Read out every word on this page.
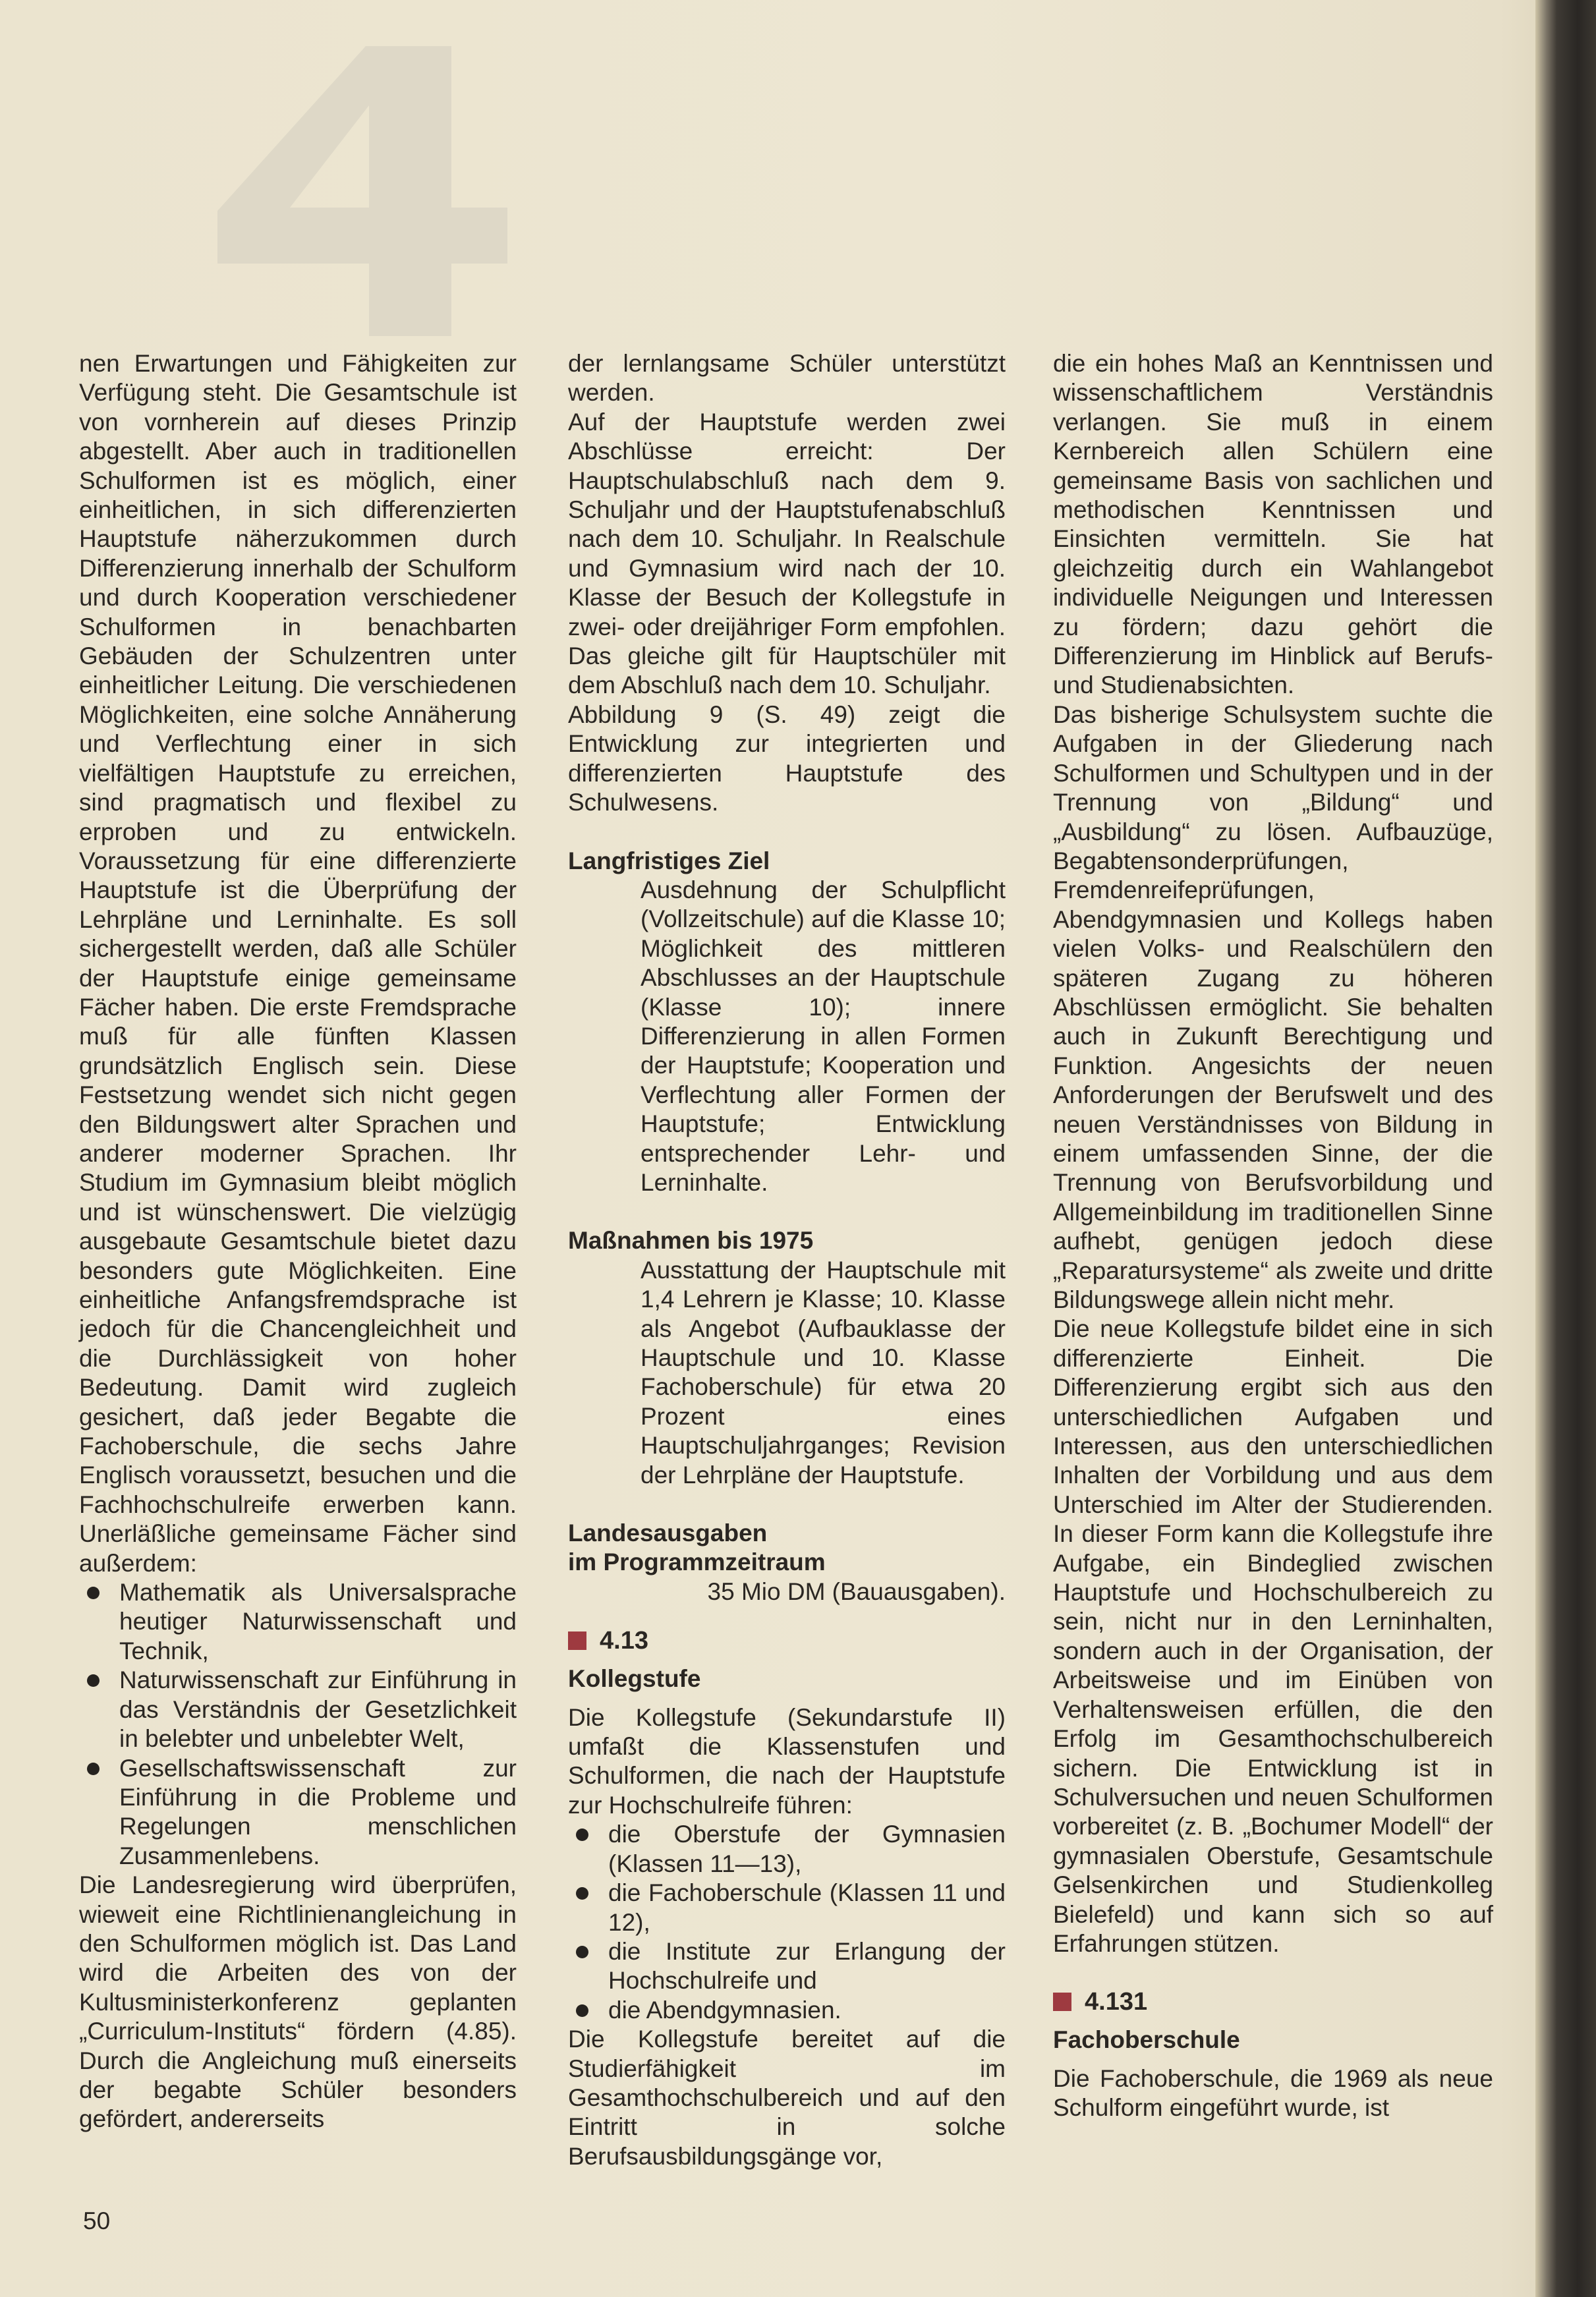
nen Erwartungen und Fähigkeiten zur Verfügung steht. Die Gesamtschule ist von vornherein auf dieses Prinzip abgestellt. Aber auch in traditionellen Schulformen ist es möglich, einer einheitlichen, in sich differenzierten Hauptstufe näherzukommen durch Differenzierung innerhalb der Schulform und durch Kooperation verschiedener Schulformen in benachbarten Gebäuden der Schulzentren unter einheitlicher Leitung. Die verschiedenen Möglichkeiten, eine solche Annäherung und Verflechtung einer in sich vielfältigen Hauptstufe zu erreichen, sind pragmatisch und flexibel zu erproben und zu entwickeln. Voraussetzung für eine differenzierte Hauptstufe ist die Überprüfung der Lehrpläne und Lerninhalte. Es soll sichergestellt werden, daß alle Schüler der Hauptstufe einige gemeinsame Fächer haben. Die erste Fremdsprache muß für alle fünften Klassen grundsätzlich Englisch sein. Diese Festsetzung wendet sich nicht gegen den Bildungswert alter Sprachen und anderer moderner Sprachen. Ihr Studium im Gymnasium bleibt möglich und ist wünschenswert. Die vielzügig ausgebaute Gesamtschule bietet dazu besonders gute Möglichkeiten. Eine einheitliche Anfangsfremdsprache ist jedoch für die Chancengleichheit und die Durchlässigkeit von hoher Bedeutung. Damit wird zugleich gesichert, daß jeder Begabte die Fachoberschule, die sechs Jahre Englisch voraussetzt, besuchen und die Fachhochschulreife erwerben kann. Unerläßliche gemeinsame Fächer sind außerdem:

Mathematik als Universalsprache heutiger Naturwissenschaft und Technik,
Naturwissenschaft zur Einführung in das Verständnis der Gesetzlichkeit in belebter und unbelebter Welt,
Gesellschaftswissenschaft zur Einführung in die Probleme und Regelungen menschlichen Zusammenlebens.

Die Landesregierung wird überprüfen, wieweit eine Richtlinienangleichung in den Schulformen möglich ist. Das Land wird die Arbeiten des von der Kultusministerkonferenz geplanten „Curriculum-Instituts“ fördern (4.85). Durch die Angleichung muß einerseits der begabte Schüler besonders gefördert, andererseits

der lernlangsame Schüler unterstützt werden.

Auf der Hauptstufe werden zwei Abschlüsse erreicht: Der Hauptschulabschluß nach dem 9. Schuljahr und der Hauptstufenabschluß nach dem 10. Schuljahr. In Realschule und Gymnasium wird nach der 10. Klasse der Besuch der Kollegstufe in zwei- oder dreijähriger Form empfohlen. Das gleiche gilt für Hauptschüler mit dem Abschluß nach dem 10. Schuljahr.

Abbildung 9 (S. 49) zeigt die Entwicklung zur integrierten und differenzierten Hauptstufe des Schulwesens.

Langfristiges Ziel

Ausdehnung der Schulpflicht (Vollzeitschule) auf die Klasse 10; Möglichkeit des mittleren Abschlusses an der Hauptschule (Klasse 10); innere Differenzierung in allen Formen der Hauptstufe; Kooperation und Verflechtung aller Formen der Hauptstufe; Entwicklung entsprechender Lehr- und Lerninhalte.

Maßnahmen bis 1975

Ausstattung der Hauptschule mit 1,4 Lehrern je Klasse; 10. Klasse als Angebot (Aufbauklasse der Hauptschule und 10. Klasse Fachoberschule) für etwa 20 Prozent eines Hauptschuljahrganges; Revision der Lehrpläne der Hauptstufe.

Landesausgaben

im Programmzeitraum

35 Mio DM (Bauausgaben).

4.13

Kollegstufe

Die Kollegstufe (Sekundarstufe II) umfaßt die Klassenstufen und Schulformen, die nach der Hauptstufe zur Hochschulreife führen:

die Oberstufe der Gymnasien (Klassen 11—13),
die Fachoberschule (Klassen 11 und 12),
die Institute zur Erlangung der Hochschulreife und
die Abendgymnasien.

Die Kollegstufe bereitet auf die Studierfähigkeit im Gesamthochschulbereich und auf den Eintritt in solche Berufsausbildungsgänge vor,

die ein hohes Maß an Kenntnissen und wissenschaftlichem Verständnis verlangen. Sie muß in einem Kernbereich allen Schülern eine gemeinsame Basis von sachlichen und methodischen Kenntnissen und Einsichten vermitteln. Sie hat gleichzeitig durch ein Wahlangebot individuelle Neigungen und Interessen zu fördern; dazu gehört die Differenzierung im Hinblick auf Berufs- und Studienabsichten.

Das bisherige Schulsystem suchte die Aufgaben in der Gliederung nach Schulformen und Schultypen und in der Trennung von „Bildung“ und „Ausbildung“ zu lösen. Aufbauzüge, Begabtensonderprüfungen, Fremdenreifeprüfungen, Abendgymnasien und Kollegs haben vielen Volks- und Realschülern den späteren Zugang zu höheren Abschlüssen ermöglicht. Sie behalten auch in Zukunft Berechtigung und Funktion. Angesichts der neuen Anforderungen der Berufswelt und des neuen Verständnisses von Bildung in einem umfassenden Sinne, der die Trennung von Berufsvorbildung und Allgemeinbildung im traditionellen Sinne aufhebt, genügen jedoch diese „Reparatursysteme“ als zweite und dritte Bildungswege allein nicht mehr.

Die neue Kollegstufe bildet eine in sich differenzierte Einheit. Die Differenzierung ergibt sich aus den unterschiedlichen Aufgaben und Interessen, aus den unterschiedlichen Inhalten der Vorbildung und aus dem Unterschied im Alter der Studierenden. In dieser Form kann die Kollegstufe ihre Aufgabe, ein Bindeglied zwischen Hauptstufe und Hochschulbereich zu sein, nicht nur in den Lerninhalten, sondern auch in der Organisation, der Arbeitsweise und im Einüben von Verhaltensweisen erfüllen, die den Erfolg im Gesamthochschulbereich sichern. Die Entwicklung ist in Schulversuchen und neuen Schulformen vorbereitet (z. B. „Bochumer Modell“ der gymnasialen Oberstufe, Gesamtschule Gelsenkirchen und Studienkolleg Bielefeld) und kann sich so auf Erfahrungen stützen.

4.131

Fachoberschule

Die Fachoberschule, die 1969 als neue Schulform eingeführt wurde, ist

50
